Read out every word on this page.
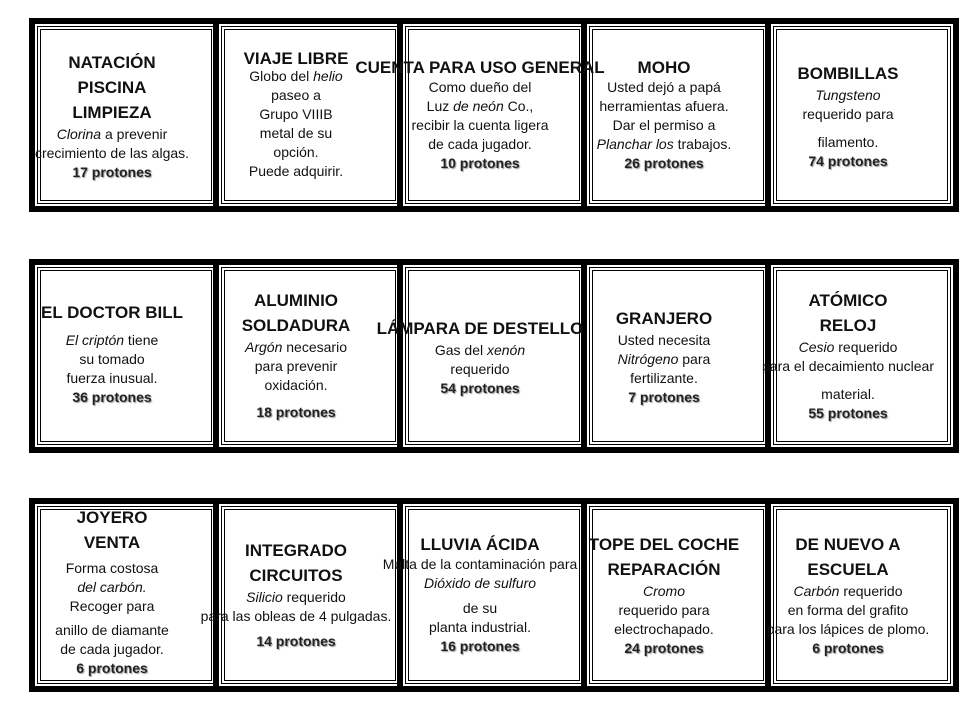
NATACIÓN
PISCINA
LIMPIEZA
Clorina a prevenir
crecimiento de las algas.
17 protones
VIAJE LIBRE
Globo del helio
paseo a
Grupo VIIIB
metal de su
opción.
Puede adquirir.
CUENTA PARA USO GENERAL
Como dueño del
Luz de neón Co.,
recibir la cuenta ligera
de cada jugador.
10 protones
MOHO
Usted dejó a papá
herramientas afuera.
Dar el permiso a
Planchar los trabajos.
26 protones
BOMBILLAS
Tungsteno
requerido para

filamento.
74 protones
EL DOCTOR BILL
El criptón tiene
su tomado
fuerza inusual.
36 protones
ALUMINIO
SOLDADURA
Argón necesario
para prevenir
oxidación.
18 protones
LÁMPARA DE DESTELLO
Gas del xenón
requerido
54 protones
GRANJERO
Usted necesita
Nitrógeno para
fertilizante.
7 protones
ATÓMICO
RELOJ
Cesio requerido
para el decaimiento nuclear

material.
55 protones
JOYERO
VENTA
Forma costosa
del carbón.
Recoger para

anillo de diamante
de cada jugador.
6 protones
INTEGRADO
CIRCUITOS
Silicio requerido
para las obleas de 4 pulgadas.
14 protones
LLUVIA ÁCIDA
Multa de la contaminación para
Dióxido de sulfuro

de su
planta industrial.
16 protones
TOPE DEL COCHE
REPARACIÓN
Cromo
requerido para
electrochapado.
24 protones
DE NUEVO A
ESCUELA
Carbón requerido
en forma del grafito
para los lápices de plomo.
6 protones
